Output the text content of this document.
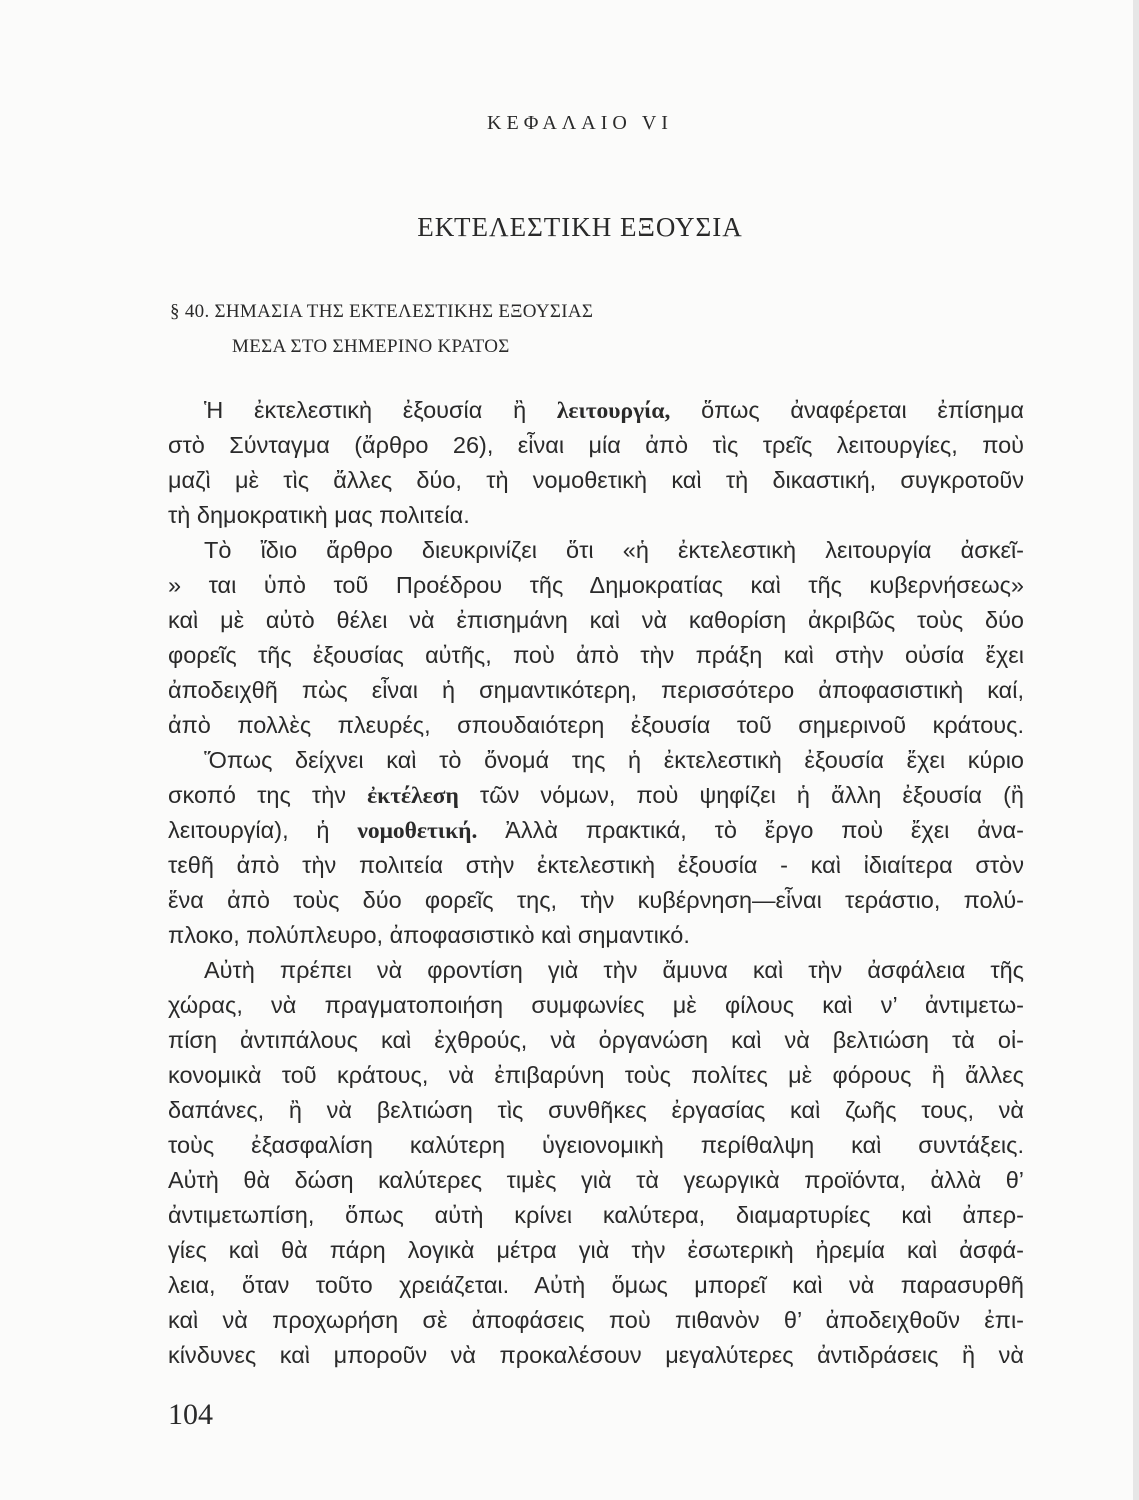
ΚΕΦΑΛΑΙΟ VI
ΕΚΤΕΛΕΣΤΙΚΗ ΕΞΟΥΣΙΑ
§ 40. ΣΗΜΑΣΙΑ ΤΗΣ ΕΚΤΕΛΕΣΤΙΚΗΣ ΕΞΟΥΣΙΑΣ
ΜΕΣΑ ΣΤΟ ΣΗΜΕΡΙΝΟ ΚΡΑΤΟΣ
Ἡ ἐκτελεστικὴ ἐξουσία ἢ λειτουργία, ὅπως ἀναφέρεται ἐπίσημα
στὸ Σύνταγμα (ἄρθρο 26), εἶναι μία ἀπὸ τὶς τρεῖς λειτουργίες, ποὺ
μαζὶ μὲ τὶς ἄλλες δύο, τὴ νομοθετικὴ καὶ τὴ δικαστική, συγκροτοῦν
τὴ δημοκρατικὴ μας πολιτεία.
Τὸ ἴδιο ἄρθρο διευκρινίζει ὅτι «ἡ ἐκτελεστικὴ λειτουργία ἀσκεῖ-
» ται ὑπὸ τοῦ Προέδρου τῆς Δημοκρατίας καὶ τῆς κυβερνήσεως»
καὶ μὲ αὐτὸ θέλει νὰ ἐπισημάνη καὶ νὰ καθορίση ἀκριβῶς τοὺς δύο
φορεῖς τῆς ἐξουσίας αὐτῆς, ποὺ ἀπὸ τὴν πράξη καὶ στὴν οὐσία ἔχει
ἀποδειχθῆ πὼς εἶναι ἡ σημαντικότερη, περισσότερο ἀποφασιστικὴ καί,
ἀπὸ πολλὲς πλευρές, σπουδαιότερη ἐξουσία τοῦ σημερινοῦ κράτους.
Ὅπως δείχνει καὶ τὸ ὄνομά της ἡ ἐκτελεστικὴ ἐξουσία ἔχει κύριο
σκοπό της τὴν ἐκτέλεση τῶν νόμων, ποὺ ψηφίζει ἡ ἄλλη ἐξουσία (ἢ
λειτουργία), ἡ νομοθετική. Ἀλλὰ πρακτικά, τὸ ἔργο ποὺ ἔχει ἀνα-
τεθῆ ἀπὸ τὴν πολιτεία στὴν ἐκτελεστικὴ ἐξουσία - καὶ ἰδιαίτερα στὸν
ἕνα ἀπὸ τοὺς δύο φορεῖς της, τὴν κυβέρνηση—εἶναι τεράστιο, πολύ-
πλοκο, πολύπλευρο, ἀποφασιστικὸ καὶ σημαντικό.
Αὐτὴ πρέπει νὰ φροντίση γιὰ τὴν ἄμυνα καὶ τὴν ἀσφάλεια τῆς
χώρας, νὰ πραγματοποιήση συμφωνίες μὲ φίλους καὶ ν’ ἀντιμετω-
πίση ἀντιπάλους καὶ ἐχθρούς, νὰ ὀργανώση καὶ νὰ βελτιώση τὰ οἰ-
κονομικὰ τοῦ κράτους, νὰ ἐπιβαρύνη τοὺς πολίτες μὲ φόρους ἢ ἄλλες
δαπάνες, ἢ νὰ βελτιώση τὶς συνθῆκες ἐργασίας καὶ ζωῆς τους, νὰ
τοὺς ἐξασφαλίση καλύτερη ὑγειονομικὴ περίθαλψη καὶ συντάξεις.
Αὐτὴ θὰ δώση καλύτερες τιμὲς γιὰ τὰ γεωργικὰ προϊόντα, ἀλλὰ θ’
ἀντιμετωπίση, ὅπως αὐτὴ κρίνει καλύτερα, διαμαρτυρίες καὶ ἀπερ-
γίες καὶ θὰ πάρη λογικὰ μέτρα γιὰ τὴν ἐσωτερικὴ ἠρεμία καὶ ἀσφά-
λεια, ὅταν τοῦτο χρειάζεται. Αὐτὴ ὅμως μπορεῖ καὶ νὰ παρασυρθῆ
καὶ νὰ προχωρήση σὲ ἀποφάσεις ποὺ πιθανὸν θ’ ἀποδειχθοῦν ἐπι-
κίνδυνες καὶ μποροῦν νὰ προκαλέσουν μεγαλύτερες ἀντιδράσεις ἢ νὰ
104
